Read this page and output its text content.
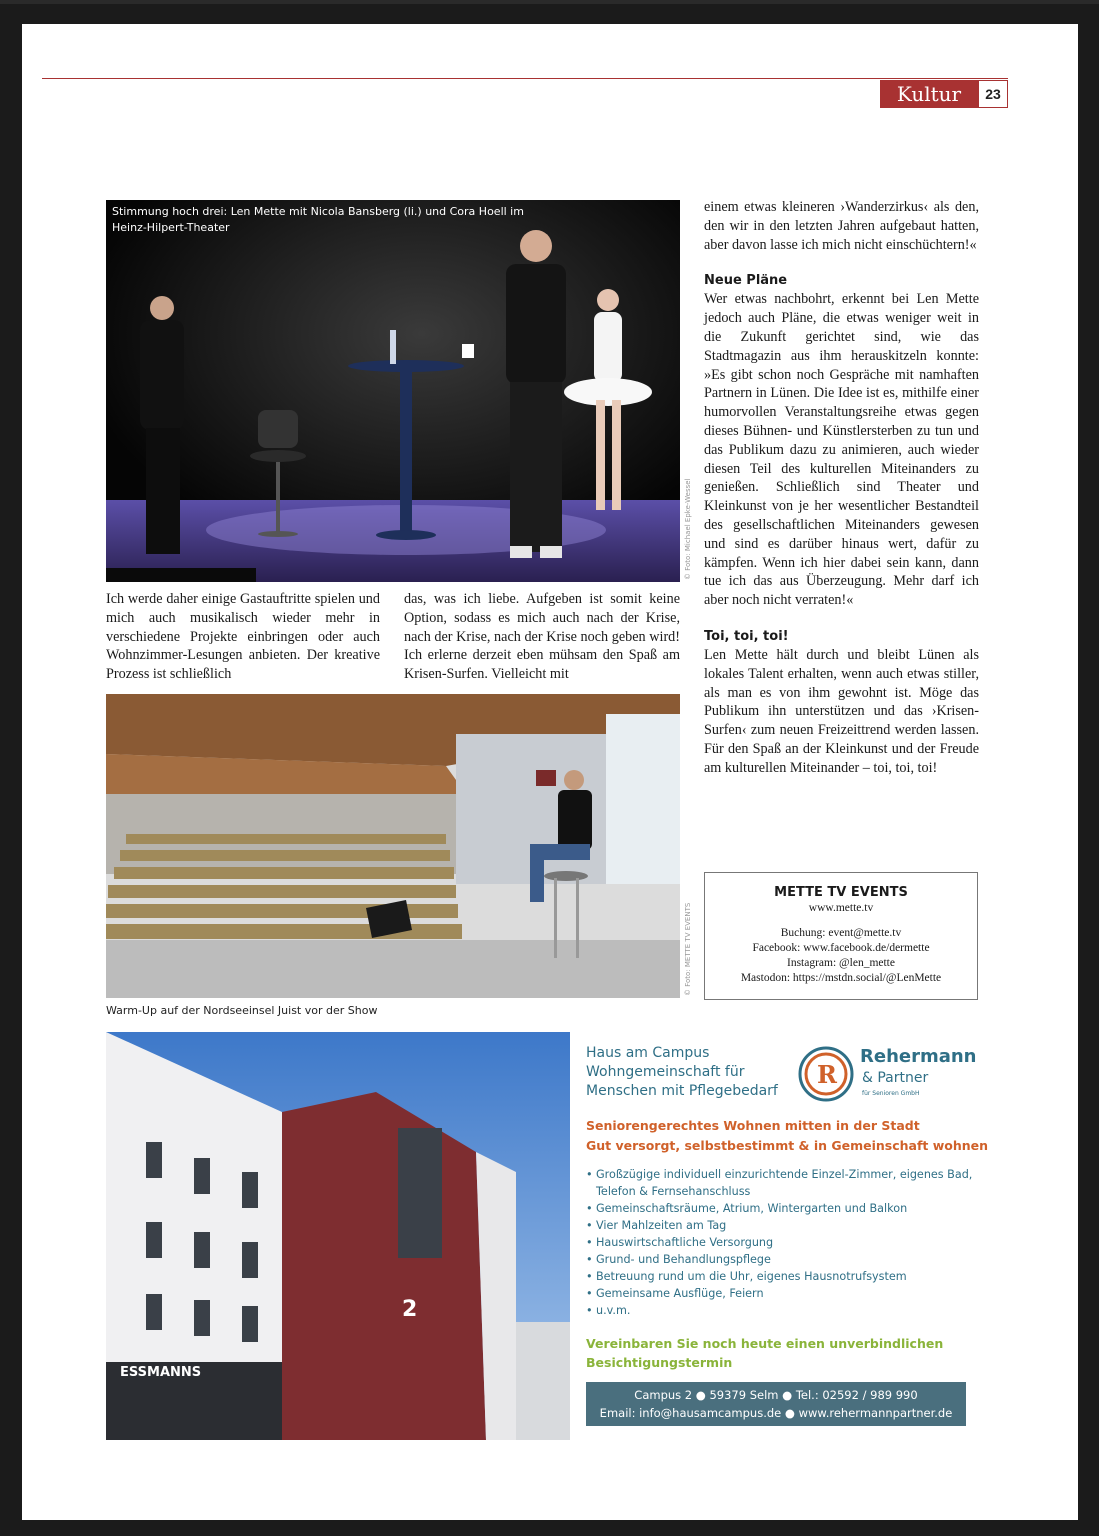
Kultur	23
Stimmung hoch drei: Len Mette mit Nicola Bansberg (li.) und Cora Hoell im Heinz-Hilpert-Theater
© Foto: Michael Epke-Wessel

Ich werde daher einige Gastauftritte spielen und mich auch musikalisch wieder mehr in verschiedene Projekte einbringen oder auch Wohnzimmer-Lesungen anbieten. Der kreative Prozess ist schließlich

das, was ich liebe. Aufgeben ist somit keine Option, sodass es mich auch nach der Krise, nach der Krise, nach der Krise noch geben wird! Ich erlerne derzeit eben mühsam den Spaß am Krisen-Surfen. Vielleicht mit

einem etwas kleineren ›Wanderzirkus‹ als den, den wir in den letzten Jahren aufgebaut hatten, aber davon lasse ich mich nicht einschüchtern!«

Neue Pläne

Wer etwas nachbohrt, erkennt bei Len Mette jedoch auch Pläne, die etwas weniger weit in die Zukunft gerichtet sind, wie das Stadtmagazin aus ihm herauskitzeln konnte: »Es gibt schon noch Gespräche mit namhaften Partnern in Lünen. Die Idee ist es, mithilfe einer humorvollen Veranstaltungsreihe etwas gegen dieses Bühnen- und Künstlersterben zu tun und das Publikum dazu zu animieren, auch wieder diesen Teil des kulturellen Miteinanders zu genießen. Schließlich sind Theater und Kleinkunst von je her wesentlicher Bestandteil des gesellschaftlichen Miteinanders gewesen und sind es darüber hinaus wert, dafür zu kämpfen. Wenn ich hier dabei sein kann, dann tue ich das aus Überzeugung. Mehr darf ich aber noch nicht verraten!«

Toi, toi, toi!

Len Mette hält durch und bleibt Lünen als lokales Talent erhalten, wenn auch etwas stiller, als man es von ihm gewohnt ist. Möge das Publikum ihn unterstützen und das ›Krisen-Surfen‹ zum neuen Freizeittrend werden lassen. Für den Spaß an der Kleinkunst und der Freude am kulturellen Miteinander – toi, toi, toi!

© Foto: METTE TV EVENTS
Warm-Up auf der Nordseeinsel Juist vor der Show
METTE TV EVENTS
www.mette.tv
Buchung: event@mette.tv
Facebook: www.facebook.de/dermette
Instagram: @len_mette
Mastodon: https://mstdn.social/@LenMette
ESSMANNS
2
Haus am Campus Wohngemeinschaft für Menschen mit Pflegebedarf
R
Rehermann
& Partner
für Senioren GmbH
Seniorengerechtes Wohnen mitten in der Stadt
Gut versorgt, selbstbestimmt & in Gemeinschaft wohnen
• Großzügige individuell einzurichtende Einzel-Zimmer, eigenes Bad, Telefon & Fernsehanschluss
• Gemeinschaftsräume, Atrium, Wintergarten und Balkon
• Vier Mahlzeiten am Tag
• Hauswirtschaftliche Versorgung
• Grund- und Behandlungspflege
• Betreuung rund um die Uhr, eigenes Hausnotrufsystem
• Gemeinsame Ausflüge, Feiern
• u.v.m.
Vereinbaren Sie noch heute einen unverbindlichen Besichtigungstermin
Campus 2 ● 59379 Selm ● Tel.: 02592 / 989 990
Email: info@hausamcampus.de ● www.rehermannpartner.de
